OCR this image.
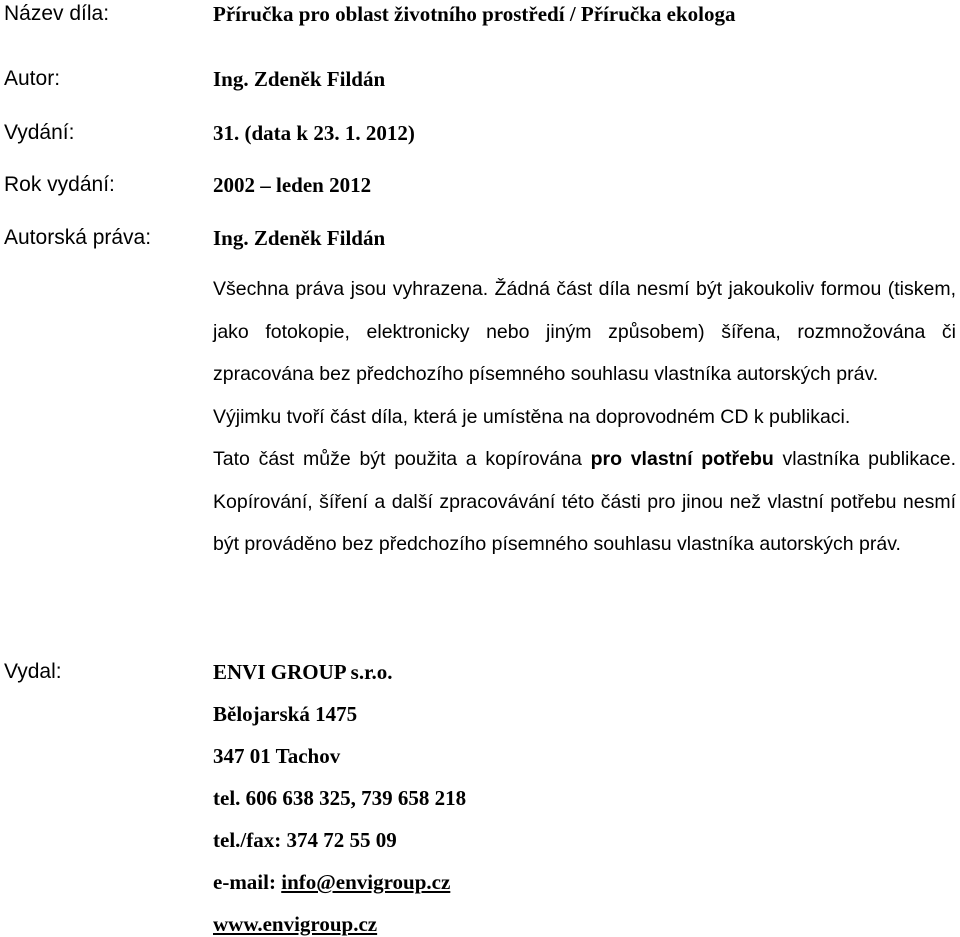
Název díla:	Příručka pro oblast životního prostředí / Příručka ekologa
Autor:	Ing. Zdeněk Fildán
Vydání:	31. (data k 23. 1. 2012)
Rok vydání:	2002 – leden 2012
Autorská práva:	Ing. Zdeněk Fildán

Všechna práva jsou vyhrazena. Žádná část díla nesmí být jakoukoliv formou (tiskem, jako fotokopie, elektronicky nebo jiným způsobem) šířena, rozmnožována či zpracována bez předchozího písemného souhlasu vlastníka autorských práv.

Výjimku tvoří část díla, která je umístěna na doprovodném CD k publikaci.

Tato část může být použita a kopírována pro vlastní potřebu vlastníka publikace. Kopírování, šíření a další zpracovávání této části pro jinou než vlastní potřebu nesmí být prováděno bez předchozího písemného souhlasu vlastníka autorských práv.

Vydal:	ENVI GROUP s.r.o.
Bělojarská 1475
347 01 Tachov
tel. 606 638 325, 739 658 218
tel./fax: 374 72 55 09
e-mail: info@envigroup.cz
www.envigroup.cz
